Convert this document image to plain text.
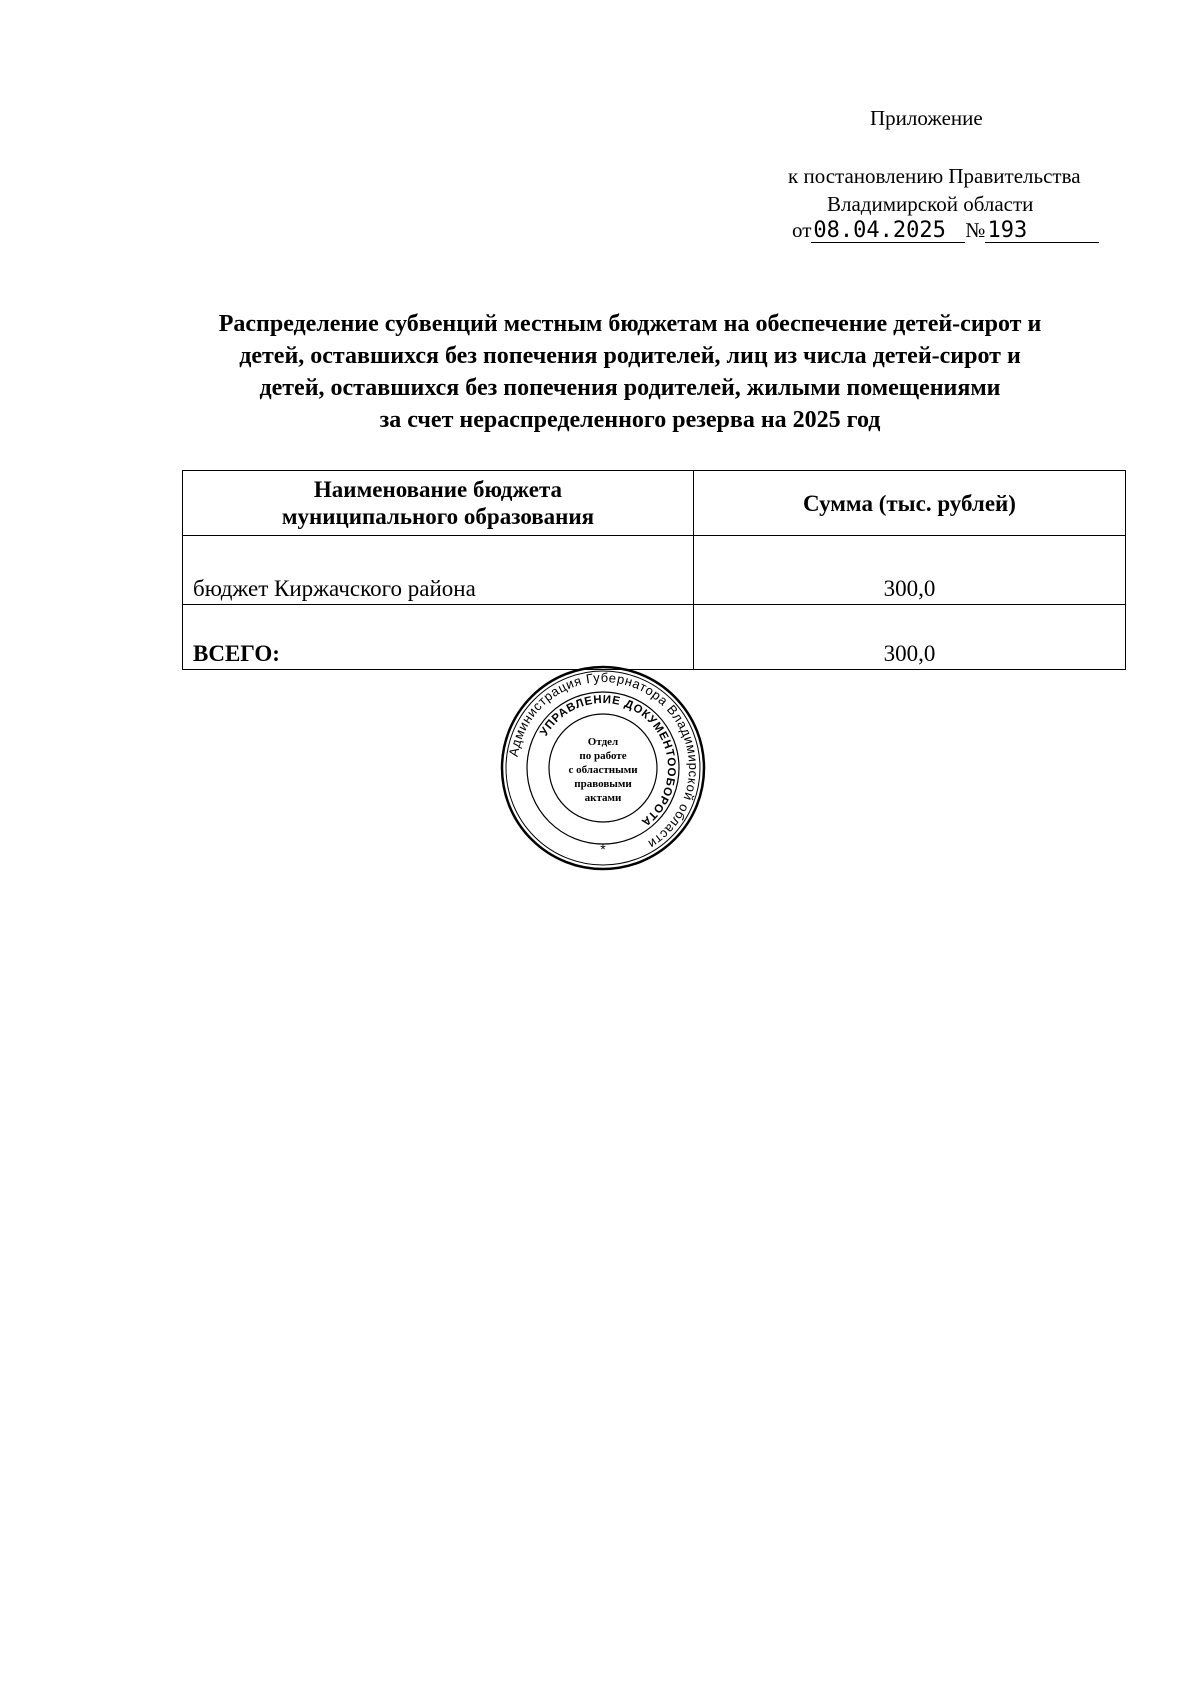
Приложение
к постановлению Правительства
Владимирской области
от08.04.2025 №193
Распределение субвенций местным бюджетам на обеспечение детей-сирот и
детей, оставшихся без попечения родителей, лиц из числа детей-сирот и
детей, оставшихся без попечения родителей, жилыми помещениями
за счет нераспределенного резерва на 2025 год
Наименование бюджета
муниципального образования	Сумма (тыс. рублей)
бюджет Киржачского района	300,0
ВСЕГО:	300,0
Администрация Губернатора Владимирской области
УПРАВЛЕНИЕ ДОКУМЕНТООБОРОТА
Отдел
по работе
с областными
правовыми
актами
*
